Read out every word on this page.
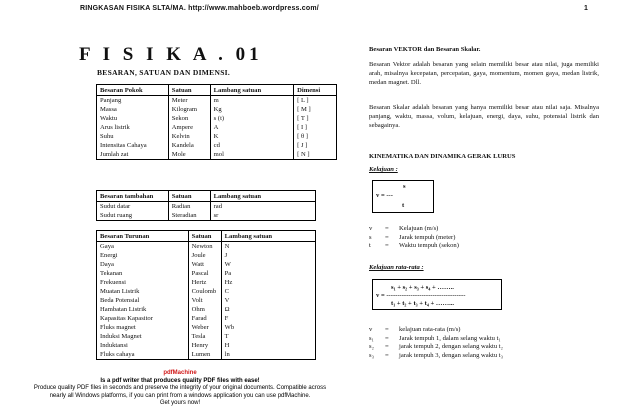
RINGKASAN FISIKA SLTA/MA. http://www.mahboeb.wordpress.com/	1
F I S I K A . 01
BESARAN, SATUAN DAN DIMENSI.
Besaran Pokok	Satuan	Lambang satuan	Dimensi
Panjang	Meter	m	[ L ]
Massa	Kilogram	Kg	[ M ]
Waktu	Sekon	s (t)	[ T ]
Arus listrik	Ampere	A	[ I ]
Suhu	Kelvin	K	[ θ ]
Intensitas Cahaya	Kandela	cd	[ J ]
Jumlah zat	Mole	mol	[ N ]
Besaran tambahan	Satuan	Lambang satuan
Sudut datar	Radian	rad
Sudut ruang	Steradian	sr
Besaran Turunan	Satuan	Lambang satuan
Gaya	Newton	N
Energi	Joule	J
Daya	Watt	W
Tekanan	Pascal	Pa
Frekuensi	Hertz	Hz
Muatan Listrik	Coulomb	C
Beda Potensial	Volt	V
Hambatan Listrik	Ohm	Ω
Kapasitas Kapasitor	Farad	F
Fluks magnet	Weber	Wb
Induksi Magnet	Tesla	T
Induktansi	Henry	H
Fluks cahaya	Lumen	ln
Besaran VEKTOR dan Besaran Skalar.
Besaran Vektor adalah besaran yang selain memiliki besar atau nilai, juga memiliki arah, misalnya kecepatan, percepatan, gaya, momentum, momen gaya, medan listrik, medan magnet. Dll.
Besaran Skalar adalah besaran yang hanya memiliki besar atau nilai saja. Misalnya panjang, waktu, massa, volum, kelajuan, energi, daya, suhu, potensial listrik dan sebagainya.
KINEMATIKA DAN DINAMIKA GERAK LURUS
Kelajuan :
s
v = ---
t
v	=	Kelajuan (m/s)
s	=	Jarak tempuh (meter)
t	=	Waktu tempuh (sekon)
Kelajuan rata-rata :
s₁ + s₂ + s₃ + s₄ + ……..
v = ------------------------------------
t₁ + t₂ + t₃ + t₄ + ……...
v	=	kelajuan rata-rata (m/s)
s₁	=	Jarak tempuh 1, dalam selang waktu t₁
s₂	=	jarak tempuh 2, dengan selang waktu t₂
s₃	=	jarak tempuh 3, dengan selang waktu t₃
pdfMachine
Is a pdf writer that produces quality PDF files with ease!
Produce quality PDF files in seconds and preserve the integrity of your original documents. Compatible across
nearly all Windows platforms, if you can print from a windows application you can use pdfMachine.
Get yours now!
